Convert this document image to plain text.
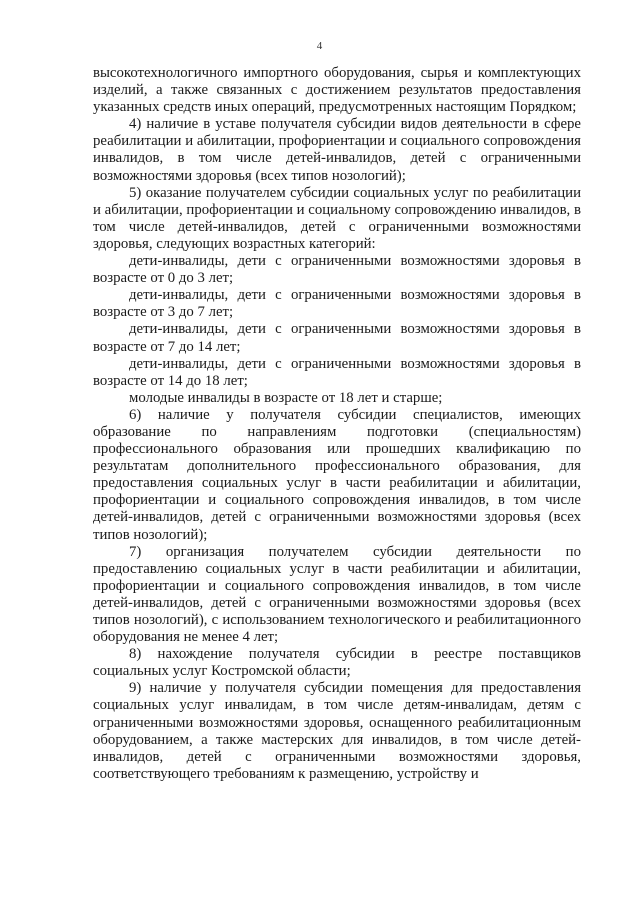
4

высокотехнологичного импортного оборудования, сырья и комплектующих изделий, а также связанных с достижением результатов предоставления указанных средств иных операций, предусмотренных настоящим Порядком;

4) наличие в уставе получателя субсидии видов деятельности в сфере реабилитации и абилитации, профориентации и социального сопровождения инвалидов, в том числе детей-инвалидов, детей с ограниченными возможностями здоровья (всех типов нозологий);

5) оказание получателем субсидии социальных услуг по реабилитации и абилитации, профориентации и социальному сопровождению инвалидов, в том числе детей-инвалидов, детей с ограниченными возможностями здоровья, следующих возрастных категорий:

дети-инвалиды, дети с ограниченными возможностями здоровья в возрасте от 0 до 3 лет;

дети-инвалиды, дети с ограниченными возможностями здоровья в возрасте от 3 до 7 лет;

дети-инвалиды, дети с ограниченными возможностями здоровья в возрасте от 7 до 14 лет;

дети-инвалиды, дети с ограниченными возможностями здоровья в возрасте от 14 до 18 лет;

молодые инвалиды в возрасте от 18 лет и старше;

6) наличие у получателя субсидии специалистов, имеющих образование по направлениям подготовки (специальностям) профессионального образования или прошедших квалификацию по результатам дополнительного профессионального образования, для предоставления социальных услуг в части реабилитации и абилитации, профориентации и социального сопровождения инвалидов, в том числе детей-инвалидов, детей с ограниченными возможностями здоровья (всех типов нозологий);

7) организация получателем субсидии деятельности по предоставлению социальных услуг в части реабилитации и абилитации, профориентации и социального сопровождения инвалидов, в том числе детей-инвалидов, детей с ограниченными возможностями здоровья (всех типов нозологий), с использованием технологического и реабилитационного оборудования не менее 4 лет;

8) нахождение получателя субсидии в реестре поставщиков социальных услуг Костромской области;

9) наличие у получателя субсидии помещения для предоставления социальных услуг инвалидам, в том числе детям-инвалидам, детям с ограниченными возможностями здоровья, оснащенного реабилитационным оборудованием, а также мастерских для инвалидов, в том числе детей-инвалидов, детей с ограниченными возможностями здоровья, соответствующего требованиям к размещению, устройству и
